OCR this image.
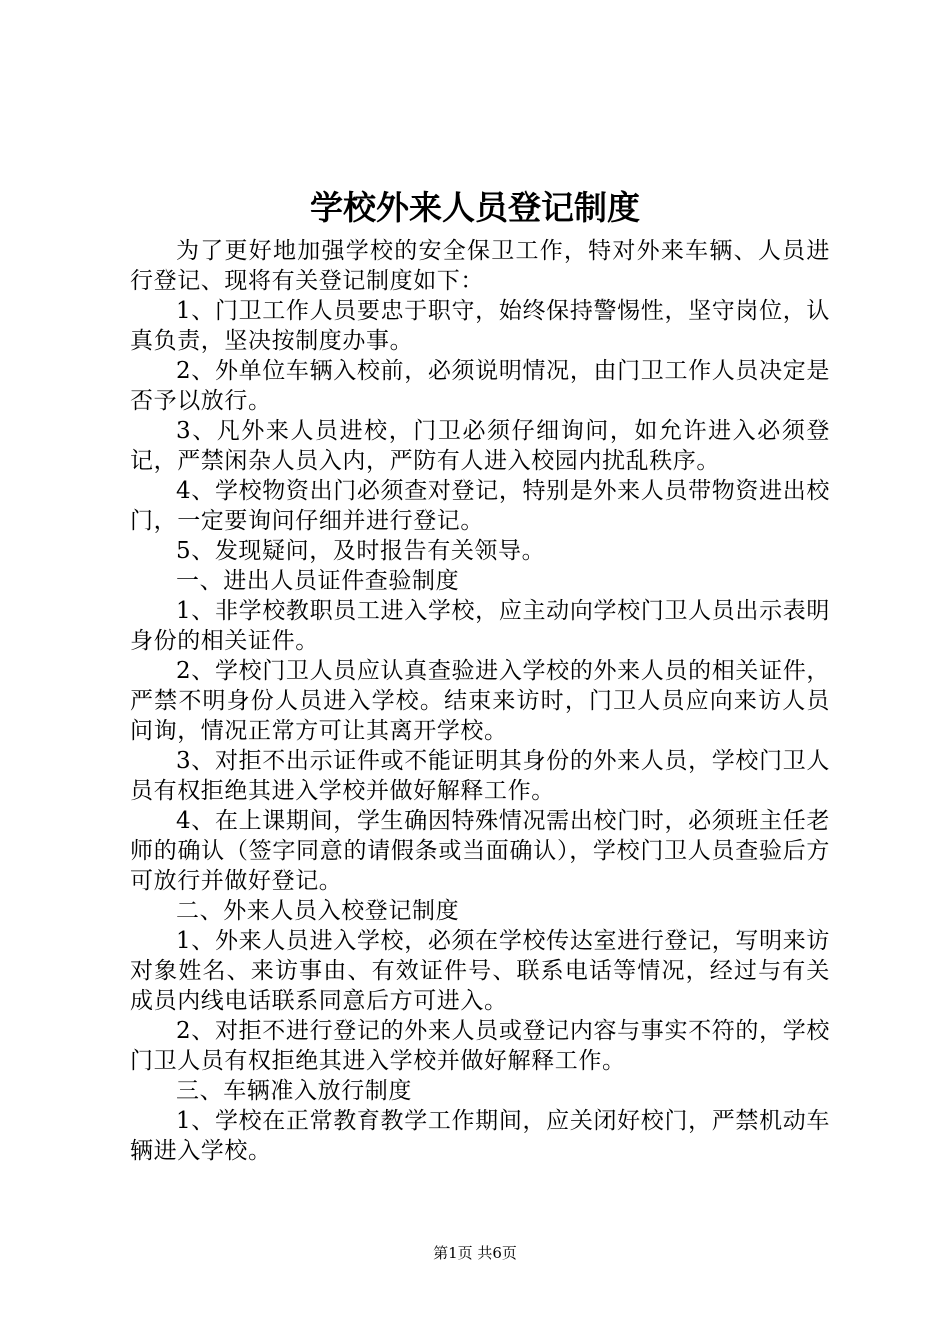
学校外来人员登记制度

为了更好地加强学校的安全保卫工作，特对外来车辆、人员进行登记、现将有关登记制度如下：

1、门卫工作人员要忠于职守，始终保持警惕性，坚守岗位，认真负责，坚决按制度办事。

2、外单位车辆入校前，必须说明情况，由门卫工作人员决定是否予以放行。

3、凡外来人员进校，门卫必须仔细询问，如允许进入必须登记，严禁闲杂人员入内，严防有人进入校园内扰乱秩序。

4、学校物资出门必须查对登记，特别是外来人员带物资进出校门，一定要询问仔细并进行登记。

5、发现疑问，及时报告有关领导。

一、进出人员证件查验制度

1、非学校教职员工进入学校，应主动向学校门卫人员出示表明身份的相关证件。

2、学校门卫人员应认真查验进入学校的外来人员的相关证件，严禁不明身份人员进入学校。结束来访时，门卫人员应向来访人员问询，情况正常方可让其离开学校。

3、对拒不出示证件或不能证明其身份的外来人员，学校门卫人员有权拒绝其进入学校并做好解释工作。

4、在上课期间，学生确因特殊情况需出校门时，必须班主任老师的确认（签字同意的请假条或当面确认），学校门卫人员查验后方可放行并做好登记。

二、外来人员入校登记制度

1、外来人员进入学校，必须在学校传达室进行登记，写明来访对象姓名、来访事由、有效证件号、联系电话等情况，经过与有关成员内线电话联系同意后方可进入。

2、对拒不进行登记的外来人员或登记内容与事实不符的，学校门卫人员有权拒绝其进入学校并做好解释工作。

三、车辆准入放行制度

1、学校在正常教育教学工作期间，应关闭好校门，严禁机动车辆进入学校。

第1页 共6页
